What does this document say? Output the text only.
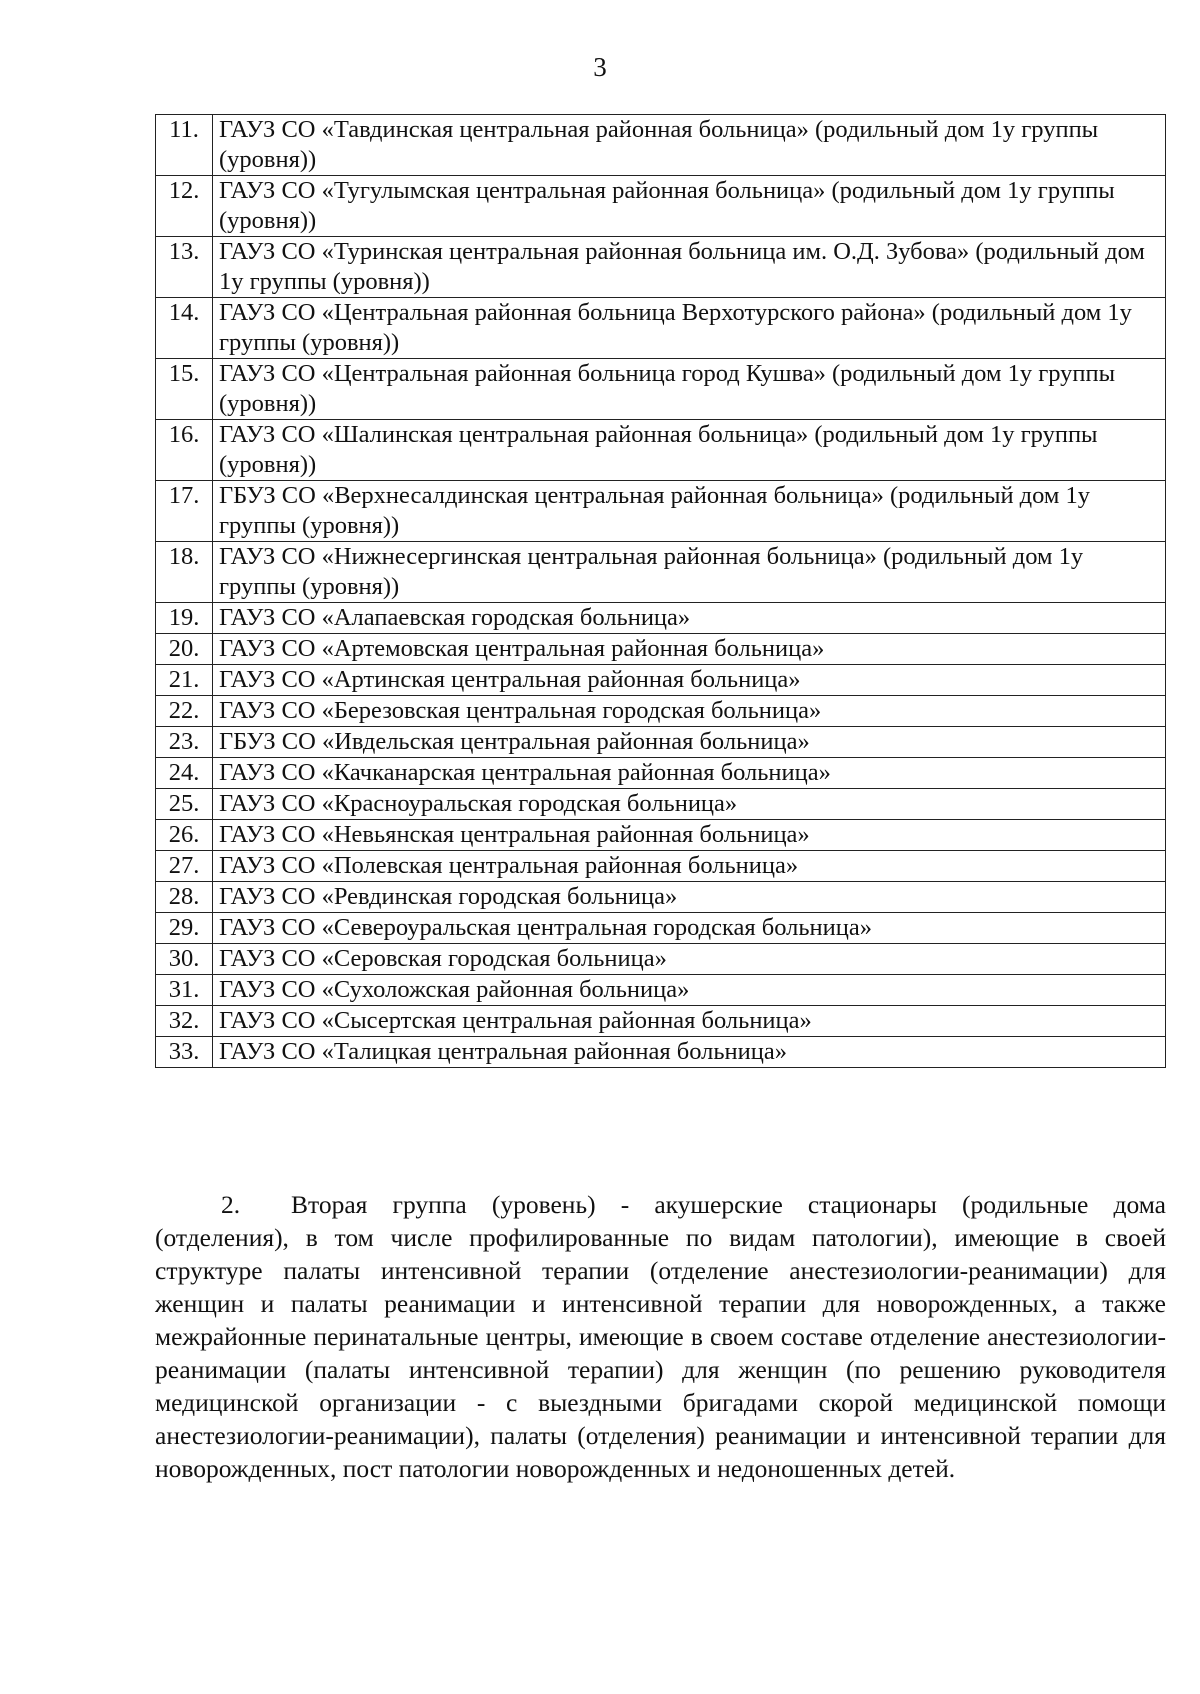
3
11.	ГАУЗ СО «Тавдинская центральная районная больница» (родильный дом 1у группы (уровня))
12.	ГАУЗ СО «Тугулымская центральная районная больница» (родильный дом 1у группы (уровня))
13.	ГАУЗ СО «Туринская центральная районная больница им. О.Д. Зубова» (родильный дом 1у группы (уровня))
14.	ГАУЗ СО «Центральная районная больница Верхотурского района» (родильный дом 1у группы (уровня))
15.	ГАУЗ СО «Центральная районная больница город Кушва» (родильный дом 1у группы (уровня))
16.	ГАУЗ СО «Шалинская центральная районная больница» (родильный дом 1у группы (уровня))
17.	ГБУЗ СО «Верхнесалдинская центральная районная больница» (родильный дом 1у группы (уровня))
18.	ГАУЗ СО «Нижнесергинская центральная районная больница» (родильный дом 1у группы (уровня))
19.	ГАУЗ СО «Алапаевская городская больница»
20.	ГАУЗ СО «Артемовская центральная районная больница»
21.	ГАУЗ СО «Артинская центральная районная больница»
22.	ГАУЗ СО «Березовская центральная городская больница»
23.	ГБУЗ СО «Ивдельская центральная районная больница»
24.	ГАУЗ СО «Качканарская центральная районная больница»
25.	ГАУЗ СО «Красноуральская городская больница»
26.	ГАУЗ СО «Невьянская центральная районная больница»
27.	ГАУЗ СО «Полевская центральная районная больница»
28.	ГАУЗ СО «Ревдинская городская больница»
29.	ГАУЗ СО «Североуральская центральная городская больница»
30.	ГАУЗ СО «Серовская городская больница»
31.	ГАУЗ СО «Сухоложская районная больница»
32.	ГАУЗ СО «Сысертская центральная районная больница»
33.	ГАУЗ СО «Талицкая центральная районная больница»

2. Вторая группа (уровень) - акушерские стационары (родильные дома (отделения), в том числе профилированные по видам патологии), имеющие в своей структуре палаты интенсивной терапии (отделение анестезиологии-реанимации) для женщин и палаты реанимации и интенсивной терапии для новорожденных, а также межрайонные перинатальные центры, имеющие в своем составе отделение анестезиологии-реанимации (палаты интенсивной терапии) для женщин (по решению руководителя медицинской организации - с выездными бригадами скорой медицинской помощи анестезиологии-реанимации), палаты (отделения) реанимации и интенсивной терапии для новорожденных, пост патологии новорожденных и недоношенных детей.
